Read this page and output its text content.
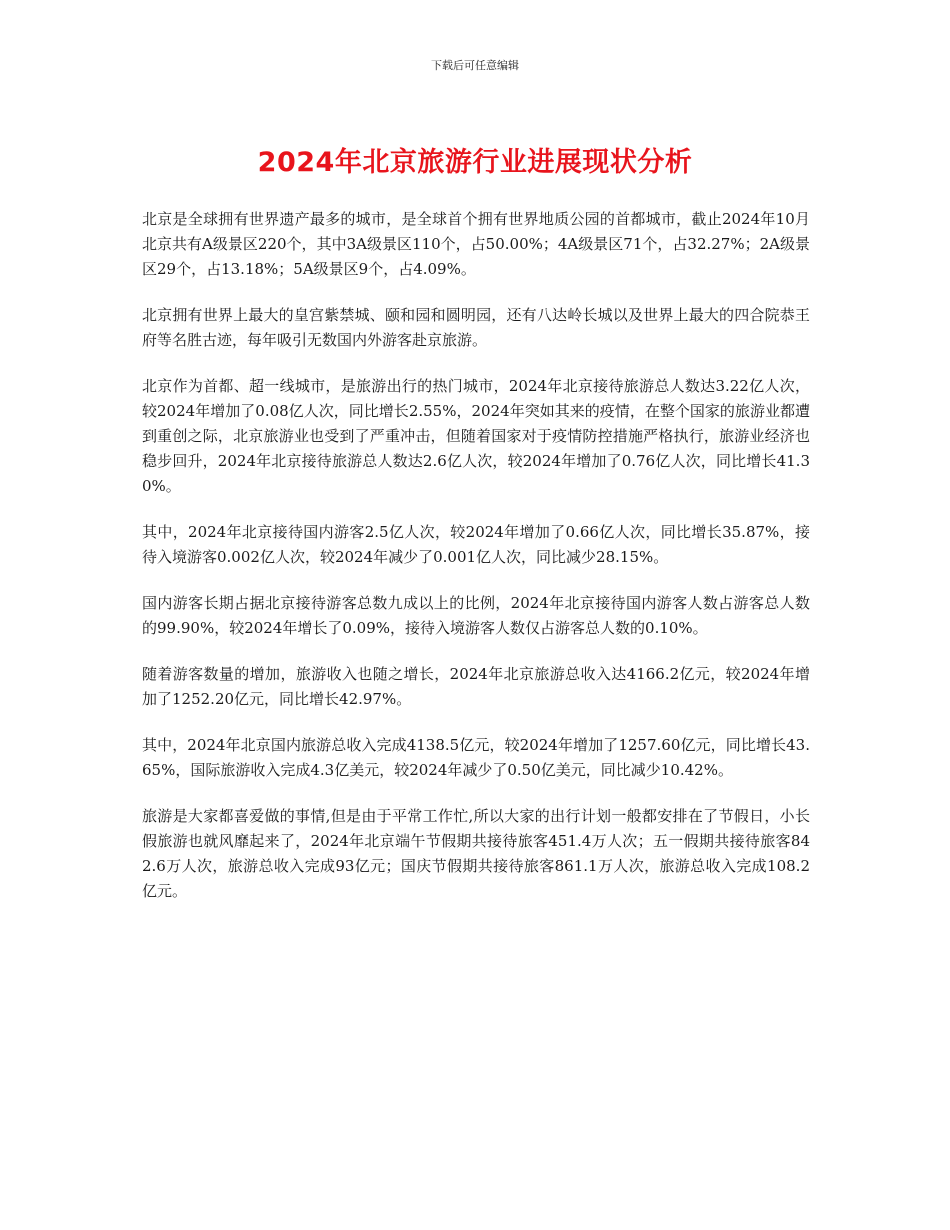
下载后可任意编辑
2024年北京旅游行业进展现状分析

北京是全球拥有世界遗产最多的城市，是全球首个拥有世界地质公园的首都城市，截止2024年10月北京共有A级景区220个，其中3A级景区110个，占50.00%；4A级景区71个，占32.27%；2A级景区29个，占13.18%；5A级景区9个，占4.09%。

北京拥有世界上最大的皇宫紫禁城、颐和园和圆明园，还有八达岭长城以及世界上最大的四合院恭王府等名胜古迹，每年吸引无数国内外游客赴京旅游。

北京作为首都、超一线城市，是旅游出行的热门城市，2024年北京接待旅游总人数达3.22亿人次，较2024年增加了0.08亿人次，同比增长2.55%，2024年突如其来的疫情，在整个国家的旅游业都遭到重创之际，北京旅游业也受到了严重冲击，但随着国家对于疫情防控措施严格执行，旅游业经济也稳步回升，2024年北京接待旅游总人数达2.6亿人次，较2024年增加了0.76亿人次，同比增长41.30%。

其中，2024年北京接待国内游客2.5亿人次，较2024年增加了0.66亿人次，同比增长35.87%，接待入境游客0.002亿人次，较2024年减少了0.001亿人次，同比减少28.15%。

国内游客长期占据北京接待游客总数九成以上的比例，2024年北京接待国内游客人数占游客总人数的99.90%，较2024年增长了0.09%，接待入境游客人数仅占游客总人数的0.10%。

随着游客数量的增加，旅游收入也随之增长，2024年北京旅游总收入达4166.2亿元，较2024年增加了1252.20亿元，同比增长42.97%。

其中，2024年北京国内旅游总收入完成4138.5亿元，较2024年增加了1257.60亿元，同比增长43.65%，国际旅游收入完成4.3亿美元，较2024年减少了0.50亿美元，同比减少10.42%。

旅游是大家都喜爱做的事情,但是由于平常工作忙,所以大家的出行计划一般都安排在了节假日，小长假旅游也就风靡起来了，2024年北京端午节假期共接待旅客451.4万人次；五一假期共接待旅客842.6万人次，旅游总收入完成93亿元；国庆节假期共接待旅客861.1万人次，旅游总收入完成108.2亿元。
